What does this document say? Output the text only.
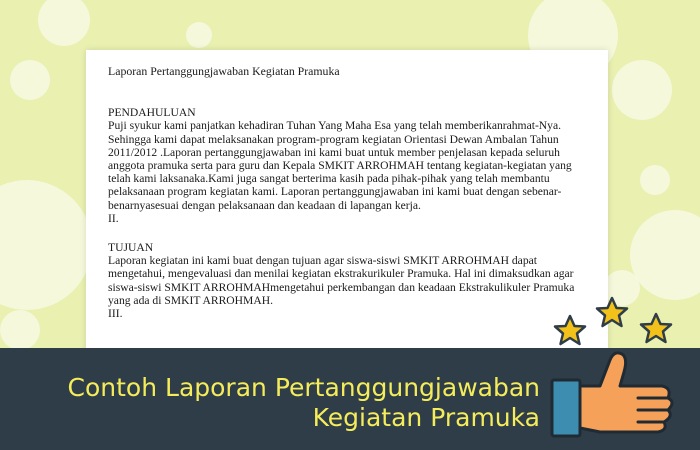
Laporan Pertanggungjawaban Kegiatan Pramuka

PENDAHULUAN

Puji syukur kami panjatkan kehadiran Tuhan Yang Maha Esa yang telah memberikanrahmat-Nya. Sehingga kami dapat melaksanakan program-program kegiatan Orientasi Dewan Ambalan Tahun 2011/2012 .Laporan pertanggungjawaban ini kami buat untuk member penjelasan kepada seluruh anggota pramuka serta para guru dan Kepala SMKIT ARROHMAH tentang kegiatan-kegiatan yang telah kami laksanaka.Kami juga sangat berterima kasih pada pihak-pihak yang telah membantu pelaksanaan program kegiatan kami. Laporan pertanggungjawaban ini kami buat dengan sebenar-benarnyasesuai dengan pelaksanaan dan keadaan di lapangan kerja.

II.

TUJUAN

Laporan kegiatan ini kami buat dengan tujuan agar siswa-siswi SMKIT ARROHMAH dapat mengetahui, mengevaluasi dan menilai kegiatan ekstrakurikuler Pramuka. Hal ini dimaksudkan agar siswa-siswi SMKIT ARROHMAHmengetahui perkembangan dan keadaan Ekstrakulikuler Pramuka yang ada di SMKIT ARROHMAH.

III.

Contoh Laporan Pertanggungjawaban
Kegiatan Pramuka
